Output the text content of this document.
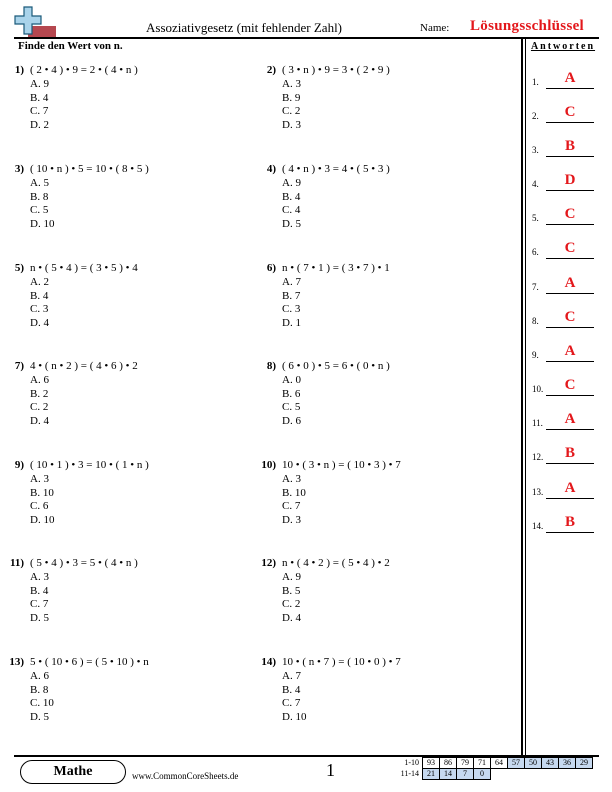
Assoziativgesetz (mit fehlender Zahl)	Name: Lösungsschlüssel
Finde den Wert von n.	Antworten
1) ( 2 • 4 ) • 9 = 2 • ( 4 • n )
A. 9
B. 4
C. 7
D. 2
2) ( 3 • n ) • 9 = 3 • ( 2 • 9 )
A. 3
B. 9
C. 2
D. 3
3) ( 10 • n ) • 5 = 10 • ( 8 • 5 )
A. 5
B. 8
C. 5
D. 10
4) ( 4 • n ) • 3 = 4 • ( 5 • 3 )
A. 9
B. 4
C. 4
D. 5
5) n • ( 5 • 4 ) = ( 3 • 5 ) • 4
A. 2
B. 4
C. 3
D. 4
6) n • ( 7 • 1 ) = ( 3 • 7 ) • 1
A. 7
B. 7
C. 3
D. 1
7) 4 • ( n • 2 ) = ( 4 • 6 ) • 2
A. 6
B. 2
C. 2
D. 4
8) ( 6 • 0 ) • 5 = 6 • ( 0 • n )
A. 0
B. 6
C. 5
D. 6
9) ( 10 • 1 ) • 3 = 10 • ( 1 • n )
A. 3
B. 10
C. 6
D. 10
10) 10 • ( 3 • n ) = ( 10 • 3 ) • 7
A. 3
B. 10
C. 7
D. 3
11) ( 5 • 4 ) • 3 = 5 • ( 4 • n )
A. 3
B. 4
C. 7
D. 5
12) n • ( 4 • 2 ) = ( 5 • 4 ) • 2
A. 9
B. 5
C. 2
D. 4
13) 5 • ( 10 • 6 ) = ( 5 • 10 ) • n
A. 6
B. 8
C. 10
D. 5
14) 10 • ( n • 7 ) = ( 10 • 0 ) • 7
A. 7
B. 4
C. 7
D. 10
1.	A
2.	C
3.	B
4.	D
5.	C
6.	C
7.	A
8.	C
9.	A
10.	C
11.	A
12.	B
13.	A
14.	B
Mathe	www.CommonCoreSheets.de	1	1-10	93	86	79	71	64	57	50	43	36	29
11-14	21	14	7	0						
